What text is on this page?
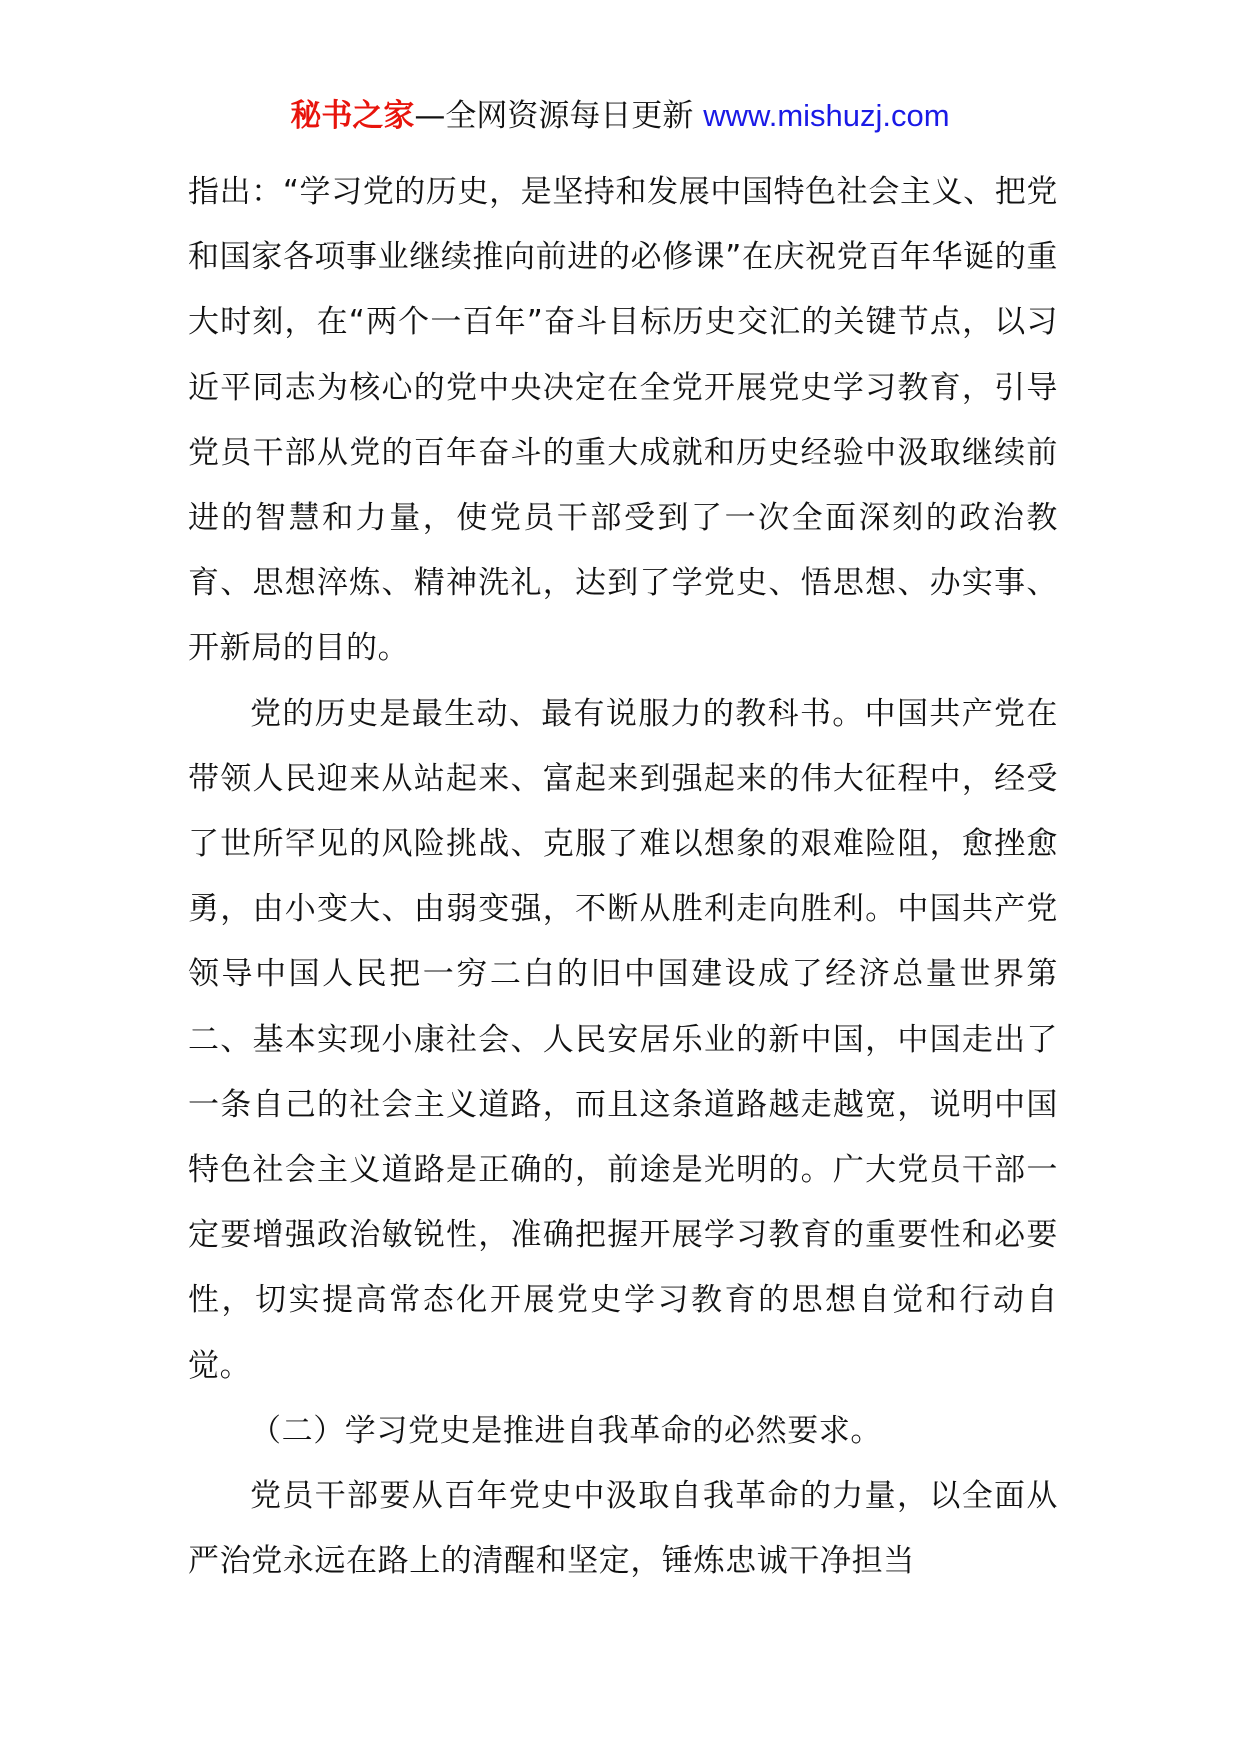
秘书之家—全网资源每日更新 www.mishuzj.com

指出：“学习党的历史，是坚持和发展中国特色社会主义、把党和国家各项事业继续推向前进的必修课”在庆祝党百年华诞的重大时刻，在“两个一百年”奋斗目标历史交汇的关键节点，以习近平同志为核心的党中央决定在全党开展党史学习教育，引导党员干部从党的百年奋斗的重大成就和历史经验中汲取继续前进的智慧和力量，使党员干部受到了一次全面深刻的政治教育、思想淬炼、精神洗礼，达到了学党史、悟思想、办实事、开新局的目的。

党的历史是最生动、最有说服力的教科书。中国共产党在带领人民迎来从站起来、富起来到强起来的伟大征程中，经受了世所罕见的风险挑战、克服了难以想象的艰难险阻，愈挫愈勇，由小变大、由弱变强，不断从胜利走向胜利。中国共产党领导中国人民把一穷二白的旧中国建设成了经济总量世界第二、基本实现小康社会、人民安居乐业的新中国，中国走出了一条自己的社会主义道路，而且这条道路越走越宽，说明中国特色社会主义道路是正确的，前途是光明的。广大党员干部一定要增强政治敏锐性，准确把握开展学习教育的重要性和必要性，切实提高常态化开展党史学习教育的思想自觉和行动自觉。

（二）学习党史是推进自我革命的必然要求。

党员干部要从百年党史中汲取自我革命的力量，以全面从严治党永远在路上的清醒和坚定，锤炼忠诚干净担当
